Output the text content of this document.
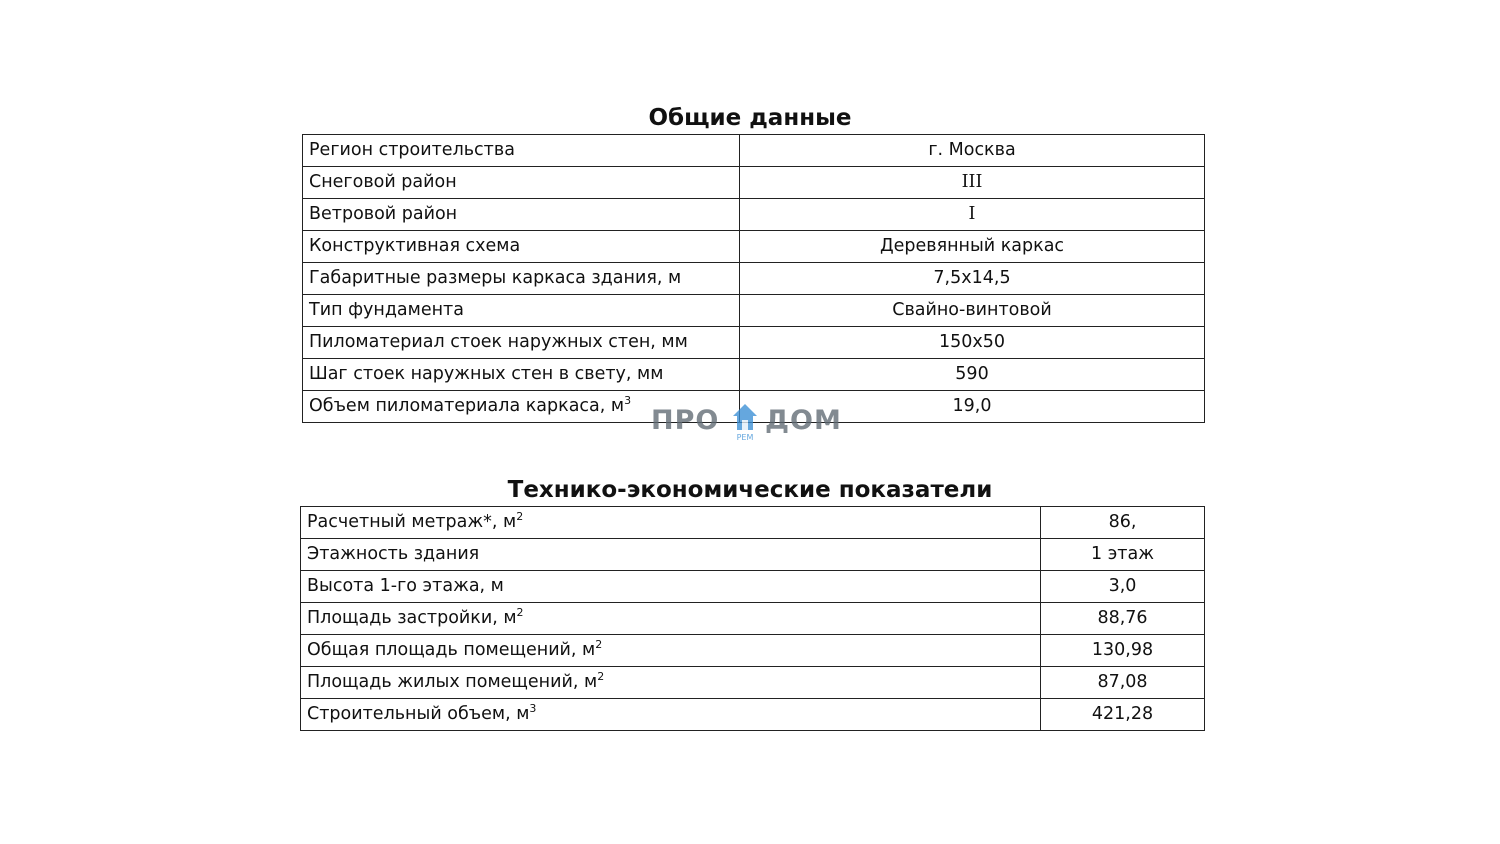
Общие данные
Регион строительства	г. Москва
Снеговой район	III
Ветровой район	I
Конструктивная схема	Деревянный каркас
Габаритные размеры каркаса здания, м	7,5х14,5
Тип фундамента	Свайно-винтовой
Пиломатериал стоек наружных стен, мм	150х50
Шаг стоек наружных стен в свету, мм	590
Объем пиломатериала каркаса, $м^3$	19,0
ПРО
РЕМ
ДОМ
Технико-экономические показатели
Расчетный метраж*, $м^2$	86,
Этажность здания	1 этаж
Высота 1-го этажа, м	3,0
Площадь застройки, $м^2$	88,76
Общая площадь помещений, $м^2$	130,98
Площадь жилых помещений, $м^2$	87,08
Строительный объем, $м^3$	421,28
